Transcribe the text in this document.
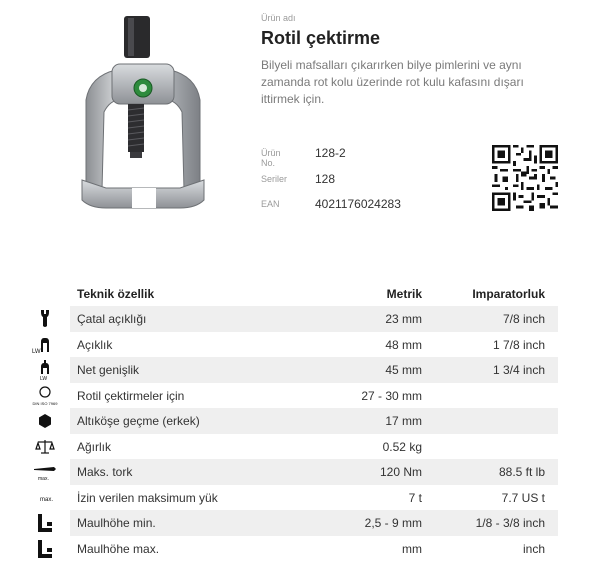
Ürün adı
Rotil çektirme
Bilyeli mafsalları çıkarırken bilye pimlerini ve aynı zamanda rot kolu üzerinde rot kulu kafasını dışarı ittirmek için.
Ürün No.
128-2
Seriler 128
EAN	4021176024283
Teknik özellik	Metrik	Imparatorluk
Çatal açıklığı	23 mm	7/8 inch
LW	Açıklık	48 mm	1 7/8 inch
LW
Net genişlik	45 mm	1 3/4 inch
DIN ISO 7969
Rotil çektirmeler için	27 - 30 mm
Altıköşe geçme (erkek)	17 mm
Ağırlık	0.52 kg
max. Maks. tork	120 Nm	88.5 ft lb
max. İzin verilen maksimum yük	7 t	7.7 US t
Maulhöhe min.	2,5 - 9 mm	1/8 - 3/8 inch
Maulhöhe max.	mm	inch
